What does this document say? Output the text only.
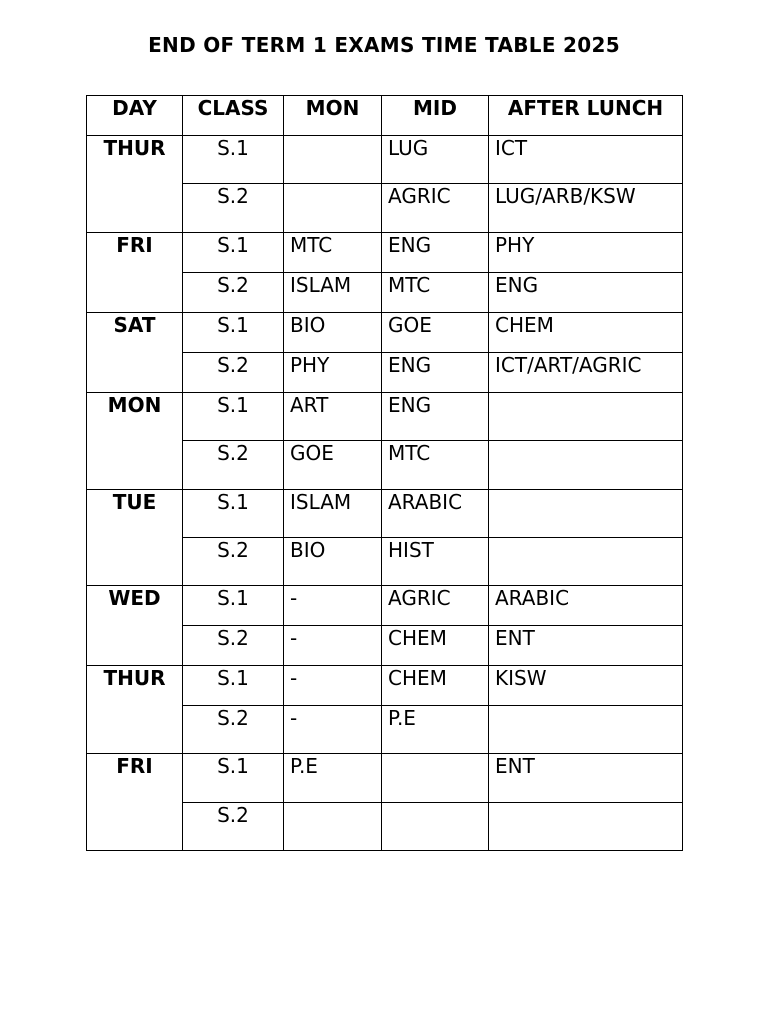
END OF TERM 1 EXAMS TIME TABLE 2025
DAY	CLASS	MON	MID	AFTER LUNCH
THUR	S.1		LUG	ICT
	S.2		AGRIC	LUG/ARB/KSW
FRI	S.1	MTC	ENG	PHY
	S.2	ISLAM	MTC	ENG
SAT	S.1	BIO	GOE	CHEM
	S.2	PHY	ENG	ICT/ART/AGRIC
MON	S.1	ART	ENG	
	S.2	GOE	MTC	
TUE	S.1	ISLAM	ARABIC	
	S.2	BIO	HIST	
WED	S.1	-	AGRIC	ARABIC
	S.2	-	CHEM	ENT
THUR	S.1	-	CHEM	KISW
	S.2	-	P.E	
FRI	S.1	P.E		ENT
	S.2			
